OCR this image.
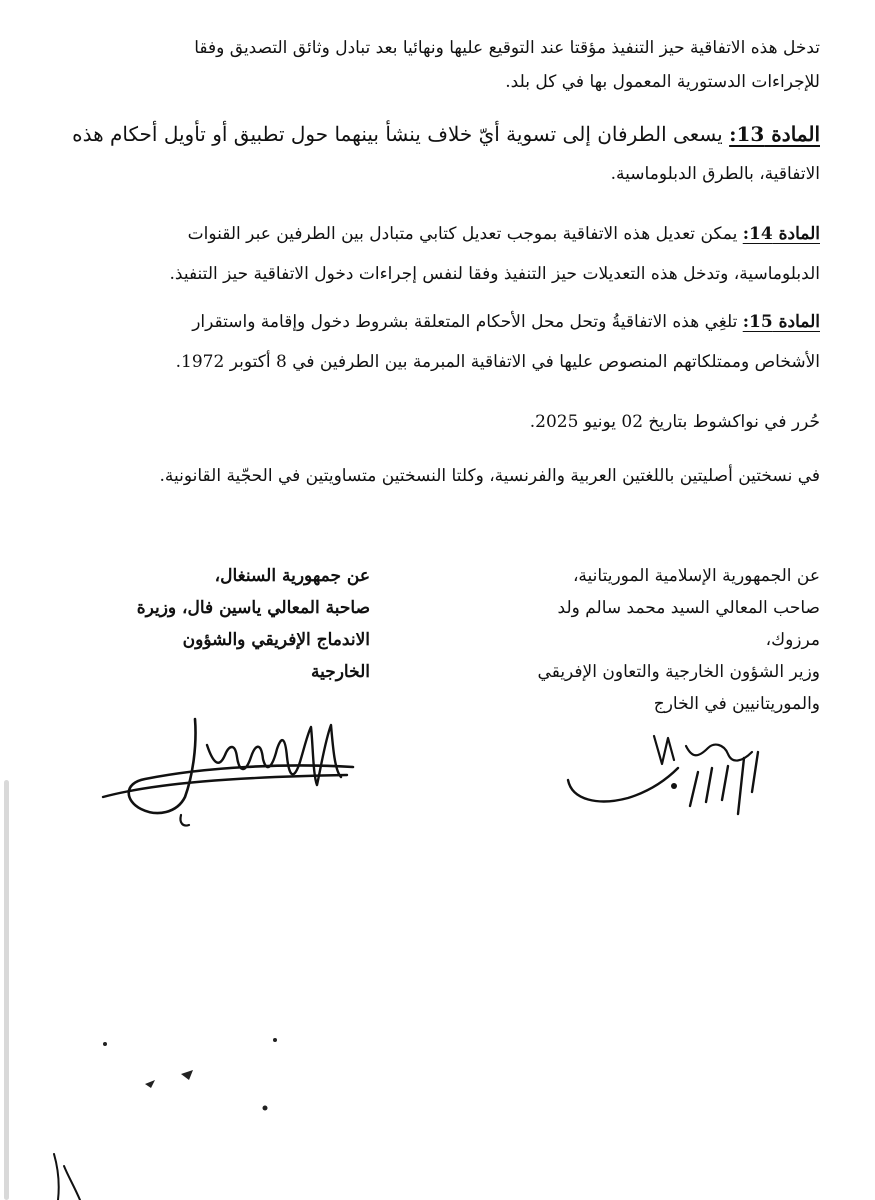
تدخل هذه الاتفاقية حيز التنفيذ مؤقتا عند التوقيع عليها ونهائيا بعد تبادل وثائق التصديق وفقا
للإجراءات الدستورية المعمول بها في كل بلد.
المادة 13: يسعى الطرفان إلى تسوية أيّ خلاف ينشأ بينهما حول تطبيق أو تأويل أحكام هذه
الاتفاقية، بالطرق الدبلوماسية.
المادة 14: يمكن تعديل هذه الاتفاقية بموجب تعديل كتابي متبادل بين الطرفين عبر القنوات
الدبلوماسية، وتدخل هذه التعديلات حيز التنفيذ وفقا لنفس إجراءات دخول الاتفاقية حيز التنفيذ.
المادة 15: تلغِي هذه الاتفاقيةُ وتحل محل الأحكام المتعلقة بشروط دخول وإقامة واستقرار
الأشخاص وممتلكاتهم المنصوص عليها في الاتفاقية المبرمة بين الطرفين في 8 أكتوبر 1972.
حُرر في نواكشوط بتاريخ 02 يونيو 2025.
في نسختين أصليتين باللغتين العربية والفرنسية، وكلتا النسختين متساويتين في الحجّية القانونية.
عن الجمهورية الإسلامية الموريتانية،
صاحب المعالي السيد محمد سالم ولد
مرزوك،
وزير الشؤون الخارجية والتعاون الإفريقي
والموريتانيين في الخارج
عن جمهورية السنغال،
صاحبة المعالي ياسين فال، وزيرة
الاندماج الإفريقي والشؤون
الخارجية
